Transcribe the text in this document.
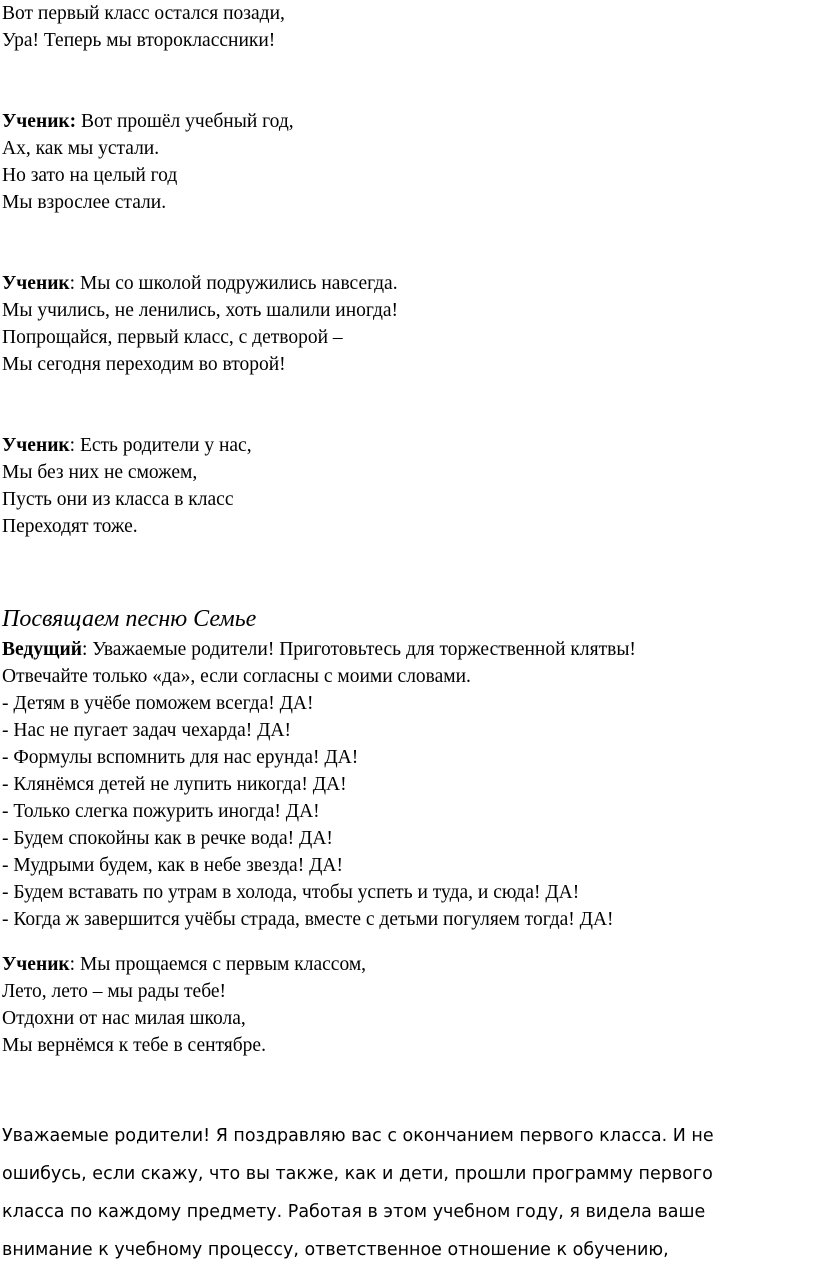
Вот первый класс остался позади,
Ура! Теперь мы второклассники!
Ученик: Вот прошёл учебный год,
Ах, как мы устали.
Но зато на целый год
Мы взрослее стали.
Ученик: Мы со школой подружились навсегда.
Мы учились, не ленились, хоть шалили иногда!
Попрощайся, первый класс, с детворой –
Мы сегодня переходим во второй!
Ученик: Есть родители у нас,
Мы без них не сможем,
Пусть они из класса в класс
Переходят тоже.
Посвящаем песню Семье
Ведущий: Уважаемые родители! Приготовьтесь для торжественной клятвы!
Отвечайте только «да», если согласны с моими словами.
- Детям в учёбе поможем всегда! ДА!
- Нас не пугает задач чехарда! ДА!
- Формулы вспомнить для нас ерунда! ДА!
- Клянёмся детей не лупить никогда! ДА!
- Только слегка пожурить иногда! ДА!
- Будем спокойны как в речке вода! ДА!
- Мудрыми будем, как в небе звезда! ДА!
- Будем вставать по утрам в холода, чтобы успеть и туда, и сюда! ДА!
- Когда ж завершится учёбы страда, вместе с детьми погуляем тогда! ДА!
Ученик: Мы прощаемся с первым классом,
Лето, лето – мы рады тебе!
Отдохни от нас милая школа,
Мы вернёмся к тебе в сентябре.
Уважаемые родители! Я поздравляю вас с окончанием первого класса. И не
ошибусь, если скажу, что вы также, как и дети, прошли программу первого
класса по каждому предмету. Работая в этом учебном году, я видела ваше
внимание к учебному процессу, ответственное отношение к обучению,
